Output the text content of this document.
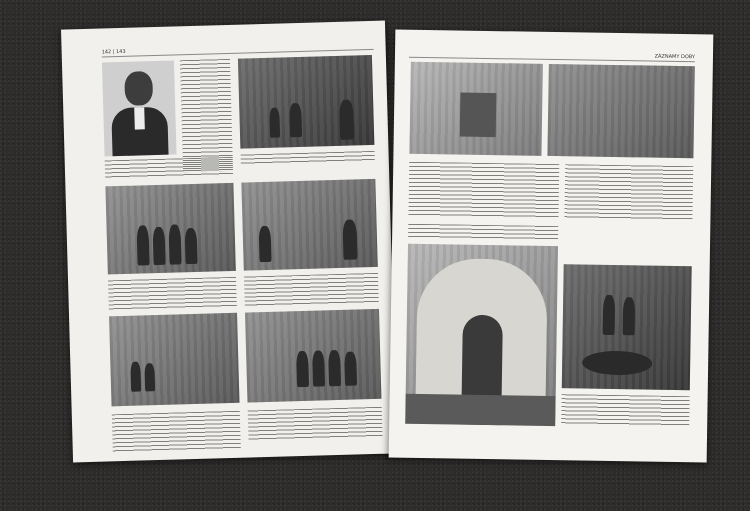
142 | 143
ZÁZNAMY DOBY
